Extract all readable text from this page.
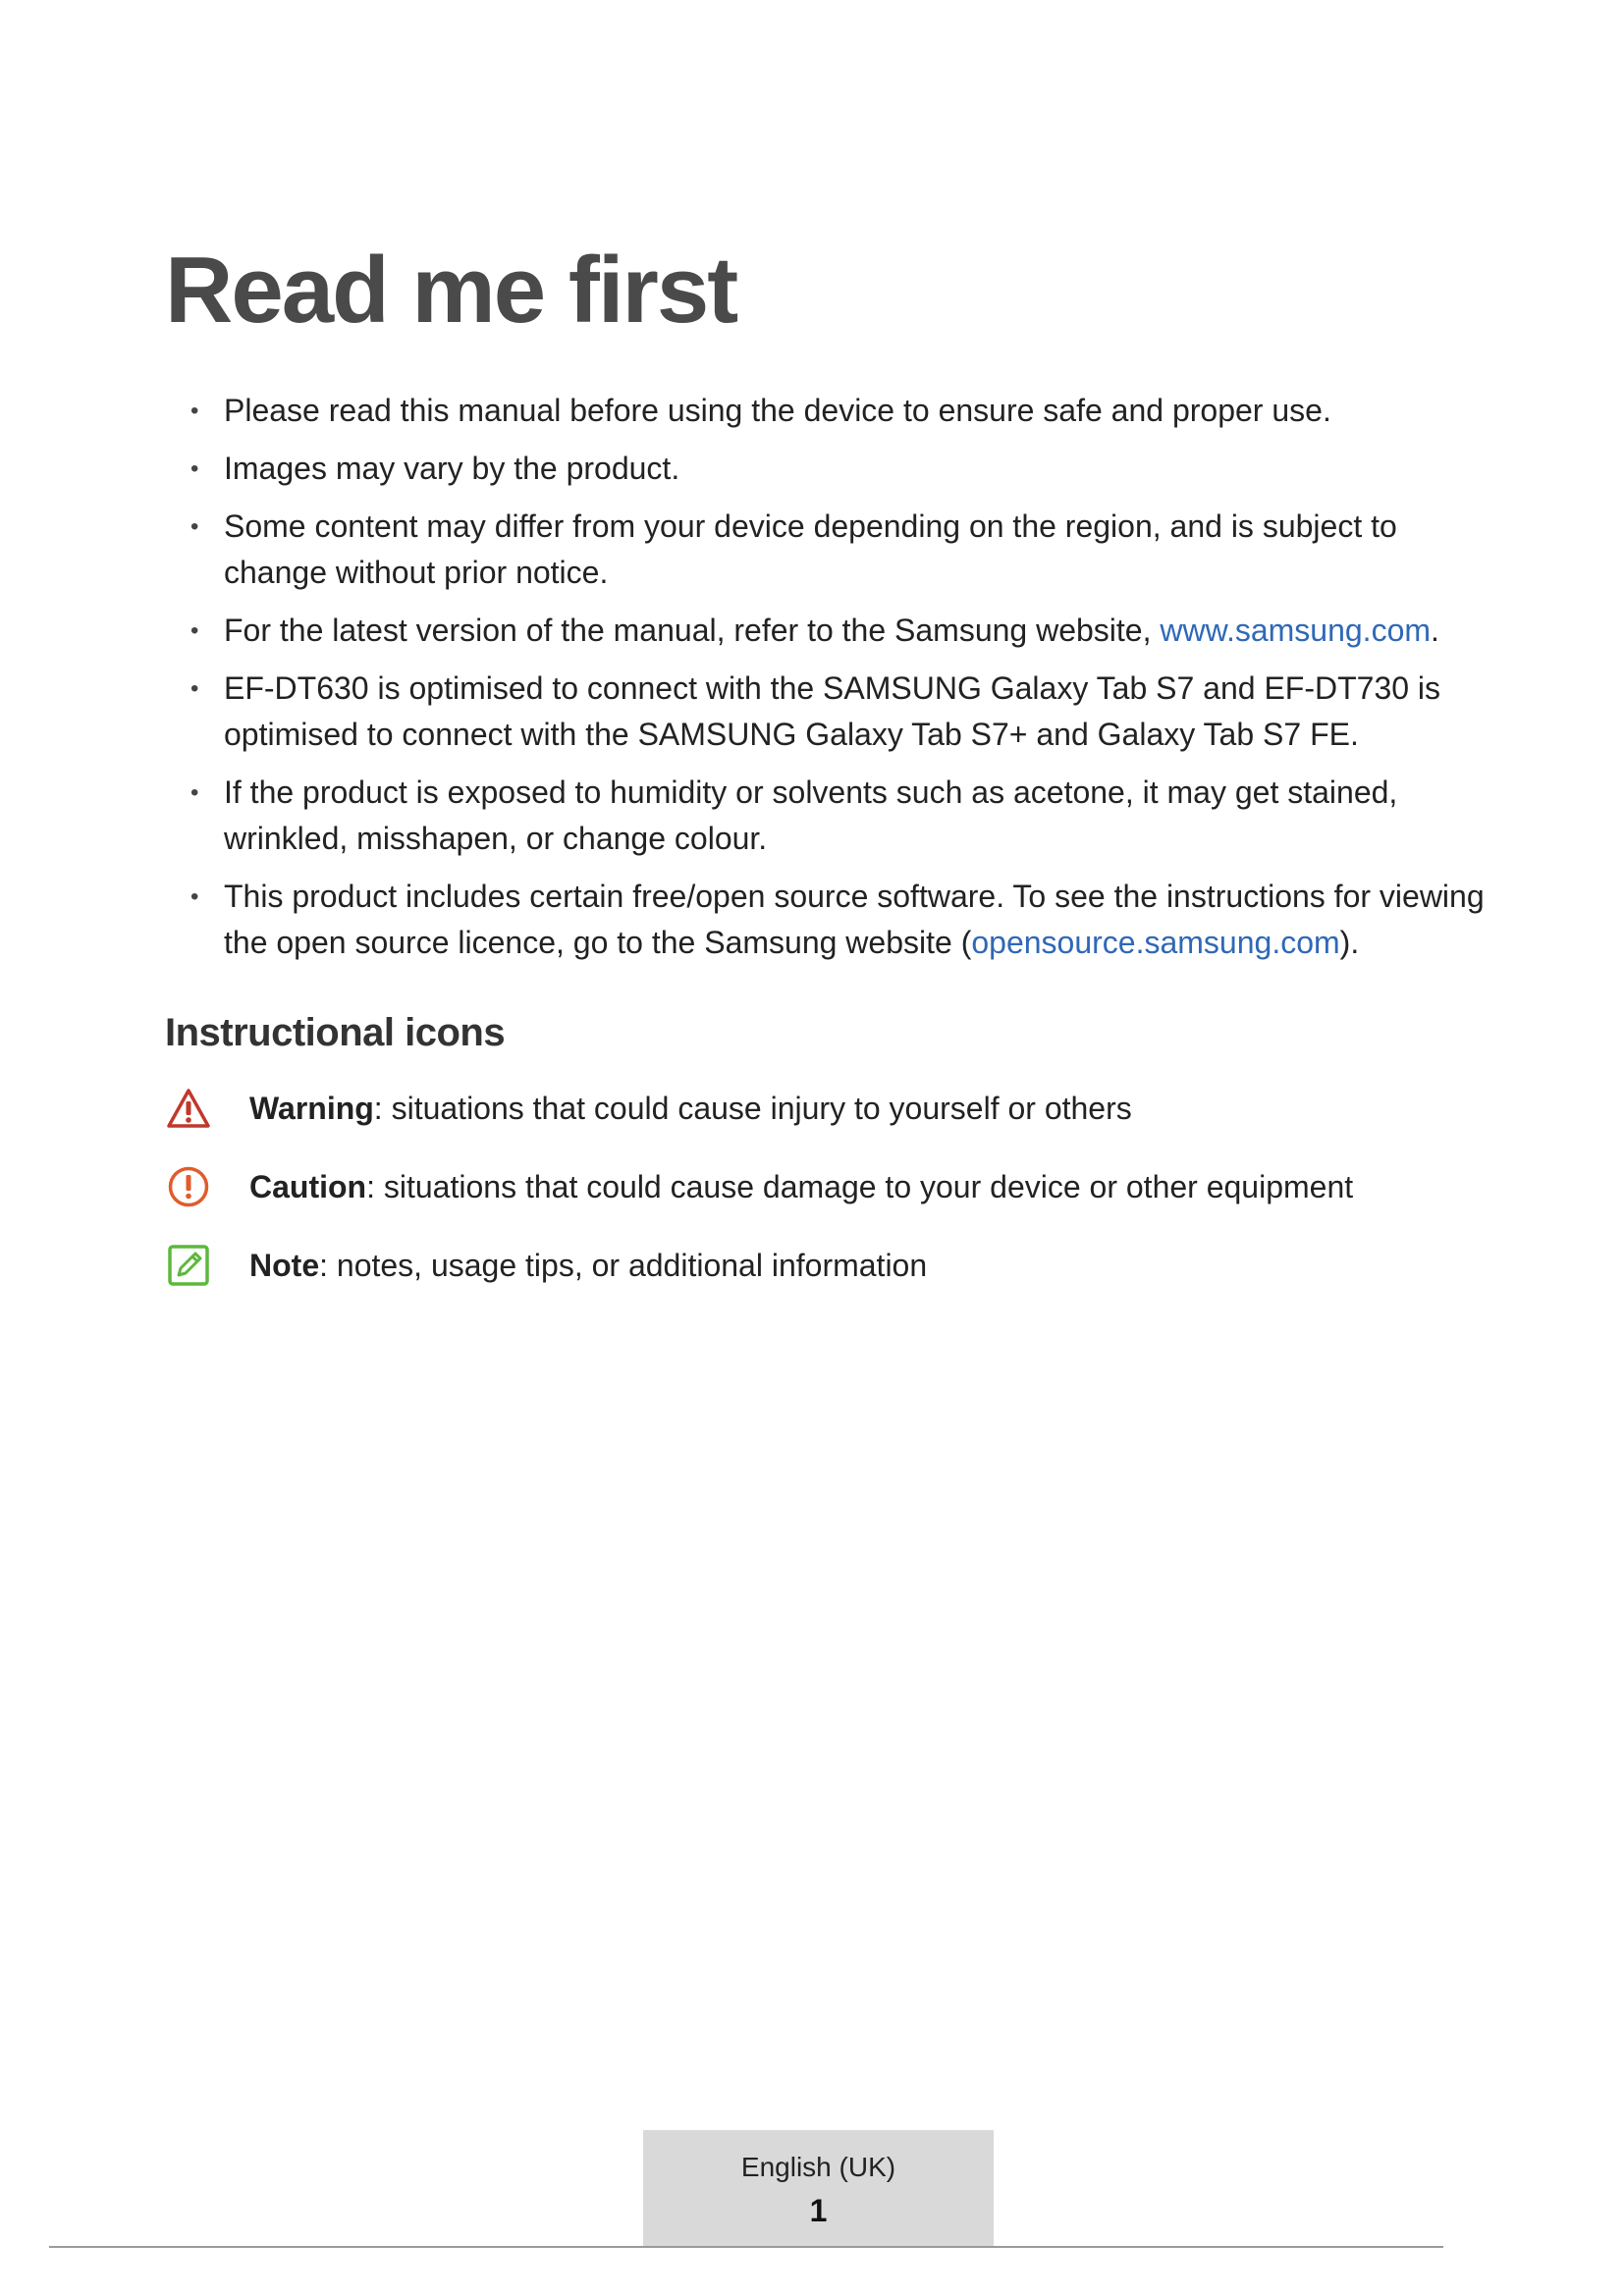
Read me first
• Please read this manual before using the device to ensure safe and proper use.
• Images may vary by the product.
• Some content may differ from your device depending on the region, and is subject to change without prior notice.
• For the latest version of the manual, refer to the Samsung website, www.samsung.com.
• EF-DT630 is optimised to connect with the SAMSUNG Galaxy Tab S7 and EF-DT730 is optimised to connect with the SAMSUNG Galaxy Tab S7+ and Galaxy Tab S7 FE.
• If the product is exposed to humidity or solvents such as acetone, it may get stained, wrinkled, misshapen, or change colour.
• This product includes certain free/open source software. To see the instructions for viewing the open source licence, go to the Samsung website (opensource.samsung.com).
Instructional icons
Warning: situations that could cause injury to yourself or others
Caution: situations that could cause damage to your device or other equipment
Note: notes, usage tips, or additional information
English (UK)
1
